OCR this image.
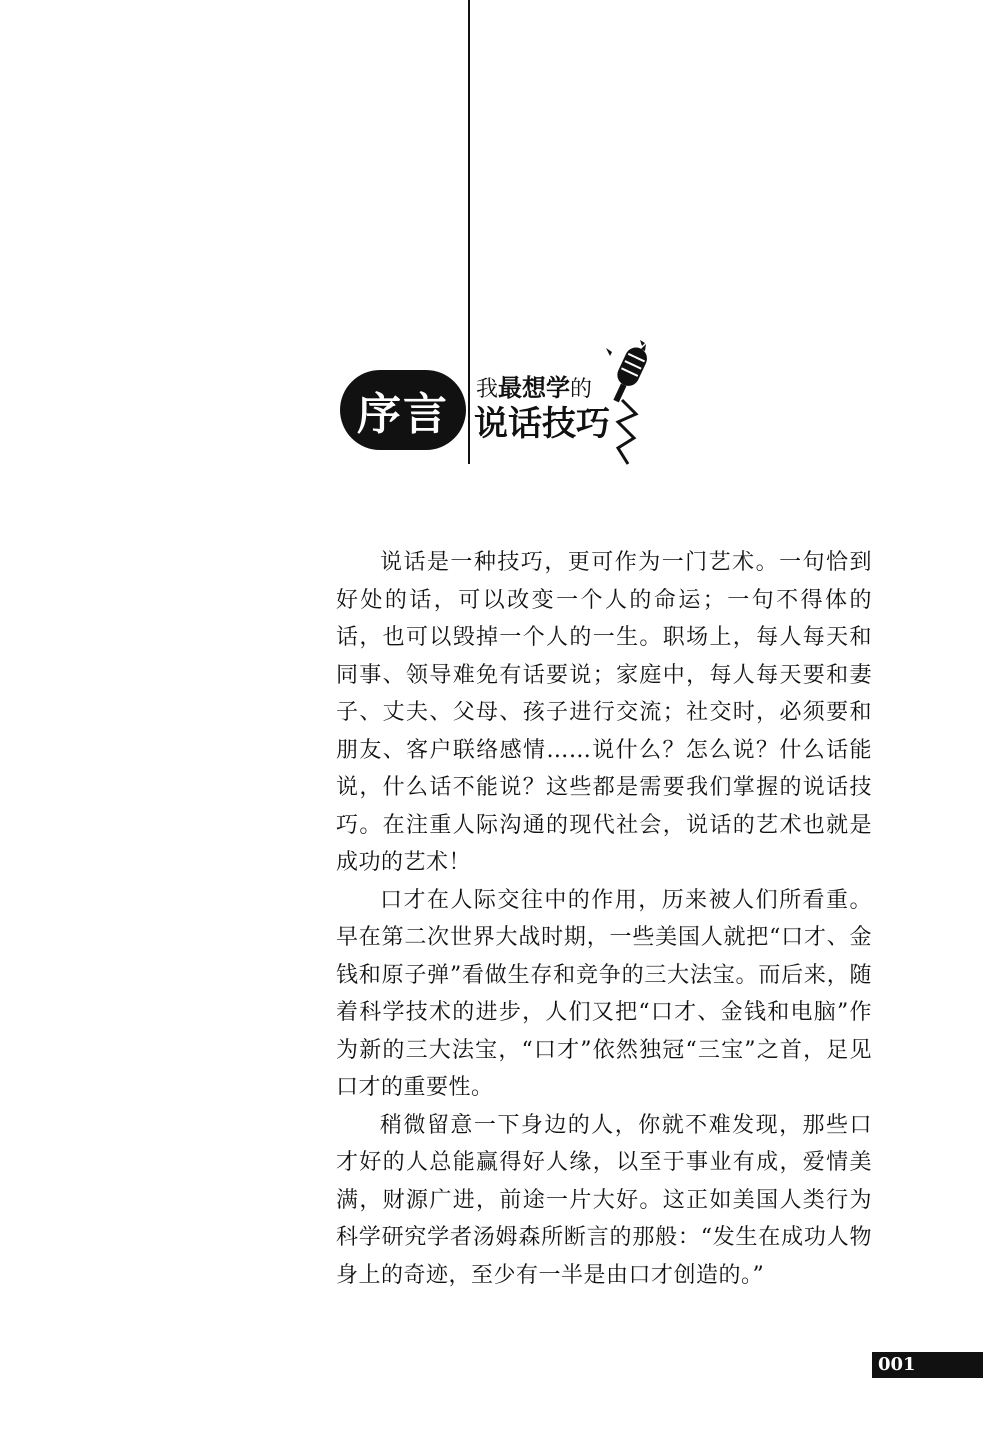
序言	我最想学的
说话技巧

说话是一种技巧，更可作为一门艺术。一句恰到好处的话，可以改变一个人的命运；一句不得体的话，也可以毁掉一个人的一生。职场上，每人每天和同事、领导难免有话要说；家庭中，每人每天要和妻子、丈夫、父母、孩子进行交流；社交时，必须要和朋友、客户联络感情……说什么？怎么说？什么话能说，什么话不能说？这些都是需要我们掌握的说话技巧。在注重人际沟通的现代社会，说话的艺术也就是成功的艺术！

口才在人际交往中的作用，历来被人们所看重。早在第二次世界大战时期，一些美国人就把“口才、金钱和原子弹”看做生存和竞争的三大法宝。而后来，随着科学技术的进步，人们又把“口才、金钱和电脑”作为新的三大法宝，“口才”依然独冠“三宝”之首，足见口才的重要性。

稍微留意一下身边的人，你就不难发现，那些口才好的人总能赢得好人缘，以至于事业有成，爱情美满，财源广进，前途一片大好。这正如美国人类行为科学研究学者汤姆森所断言的那般：“发生在成功人物身上的奇迹，至少有一半是由口才创造的。”

001
